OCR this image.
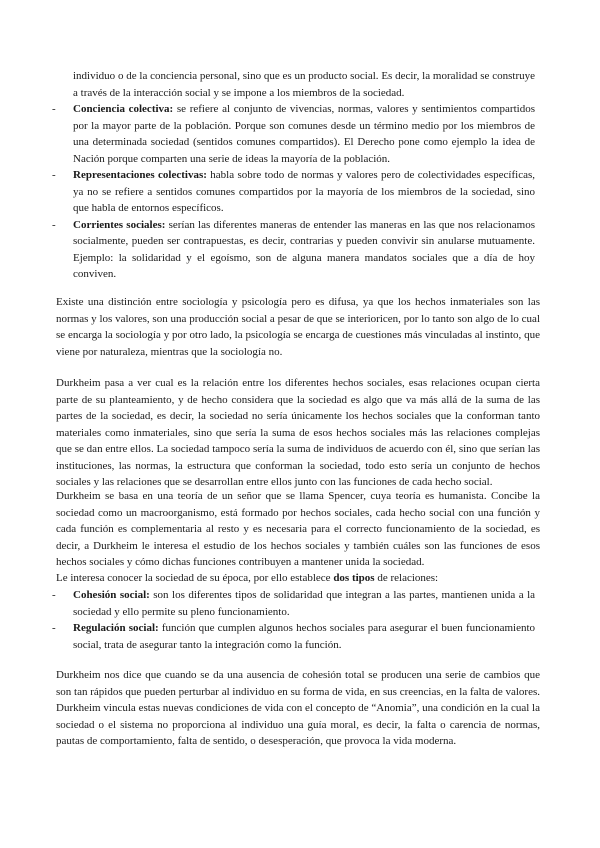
individuo o de la conciencia personal, sino que es un producto social. Es decir, la moralidad se construye a través de la interacción social y se impone a los miembros de la sociedad.

- Conciencia colectiva: se refiere al conjunto de vivencias, normas, valores y sentimientos compartidos por la mayor parte de la población. Porque son comunes desde un término medio por los miembros de una determinada sociedad (sentidos comunes compartidos). El Derecho pone como ejemplo la idea de Nación porque comparten una serie de ideas la mayoría de la población.
- Representaciones colectivas: habla sobre todo de normas y valores pero de colectividades específicas, ya no se refiere a sentidos comunes compartidos por la mayoría de los miembros de la sociedad, sino que habla de entornos específicos.
- Corrientes sociales: serían las diferentes maneras de entender las maneras en las que nos relacionamos socialmente, pueden ser contrapuestas, es decir, contrarias y pueden convivir sin anularse mutuamente. Ejemplo: la solidaridad y el egoísmo, son de alguna manera mandatos sociales que a día de hoy conviven.

Existe una distinción entre sociología y psicología pero es difusa, ya que los hechos inmateriales son las normas y los valores, son una producción social a pesar de que se interioricen, por lo tanto son algo de lo cual se encarga la sociología y por otro lado, la psicología se encarga de cuestiones más vinculadas al instinto, que viene por naturaleza, mientras que la sociología no.

Durkheim pasa a ver cual es la relación entre los diferentes hechos sociales, esas relaciones ocupan cierta parte de su planteamiento, y de hecho considera que la sociedad es algo que va más allá de la suma de las partes de la sociedad, es decir, la sociedad no sería únicamente los hechos sociales que la conforman tanto materiales como inmateriales, sino que sería la suma de esos hechos sociales más las relaciones complejas que se dan entre ellos. La sociedad tampoco sería la suma de individuos de acuerdo con él, sino que serían las instituciones, las normas, la estructura que conforman la sociedad, todo esto sería un conjunto de hechos sociales y las relaciones que se desarrollan entre ellos junto con las funciones de cada hecho social.

Durkheim se basa en una teoría de un señor que se llama Spencer, cuya teoría es humanista. Concibe la sociedad como un macroorganismo, está formado por hechos sociales, cada hecho social con una función y cada función es complementaria al resto y es necesaria para el correcto funcionamiento de la sociedad, es decir, a Durkheim le interesa el estudio de los hechos sociales y también cuáles son las funciones de esos hechos sociales y cómo dichas funciones contribuyen a mantener unida la sociedad.

Le interesa conocer la sociedad de su época, por ello establece dos tipos de relaciones:

- Cohesión social: son los diferentes tipos de solidaridad que integran a las partes, mantienen unida a la sociedad y ello permite su pleno funcionamiento.
- Regulación social: función que cumplen algunos hechos sociales para asegurar el buen funcionamiento social, trata de asegurar tanto la integración como la función.

Durkheim nos dice que cuando se da una ausencia de cohesión total se producen una serie de cambios que son tan rápidos que pueden perturbar al individuo en su forma de vida, en sus creencias, en la falta de valores. Durkheim vincula estas nuevas condiciones de vida con el concepto de “Anomia”, una condición en la cual la sociedad o el sistema no proporciona al individuo una guía moral, es decir, la falta o carencia de normas, pautas de comportamiento, falta de sentido, o desesperación, que provoca la vida moderna.
